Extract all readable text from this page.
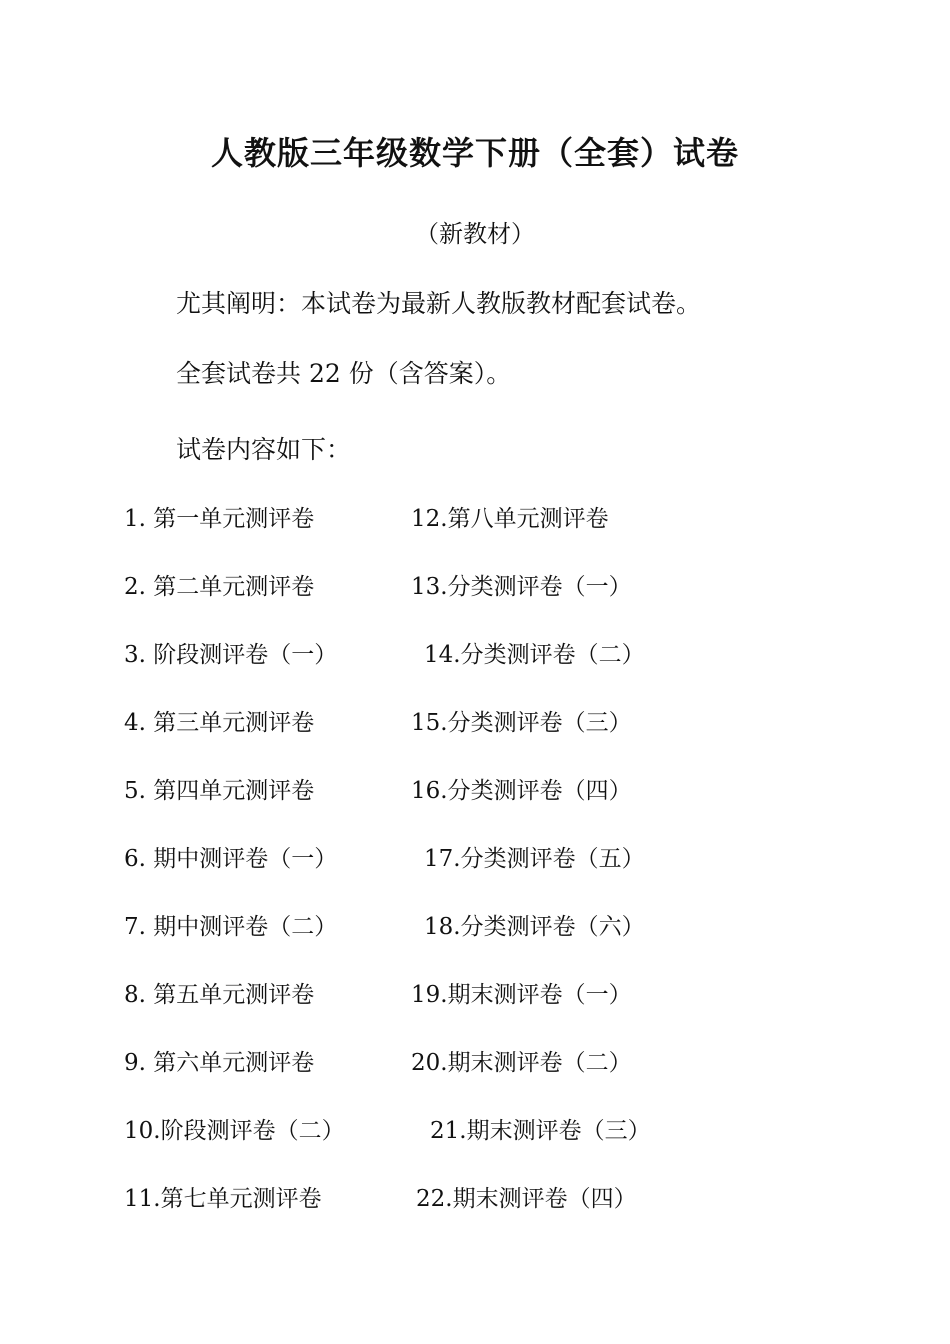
人教版三年级数学下册（全套）试卷
（新教材）
尤其阐明：本试卷为最新人教版教材配套试卷。
全套试卷共 22 份（含答案）。
试卷内容如下：
1. 第一单元测评卷
2. 第二单元测评卷
3. 阶段测评卷（一）
4. 第三单元测评卷
5. 第四单元测评卷
6. 期中测评卷（一）
7. 期中测评卷（二）
8. 第五单元测评卷
9. 第六单元测评卷
10.阶段测评卷（二）
11.第七单元测评卷
12.第八单元测评卷
13.分类测评卷（一）
14.分类测评卷（二）
15.分类测评卷（三）
16.分类测评卷（四）
17.分类测评卷（五）
18.分类测评卷（六）
19.期末测评卷（一）
20.期末测评卷（二）
21.期末测评卷（三）
22.期末测评卷（四）
